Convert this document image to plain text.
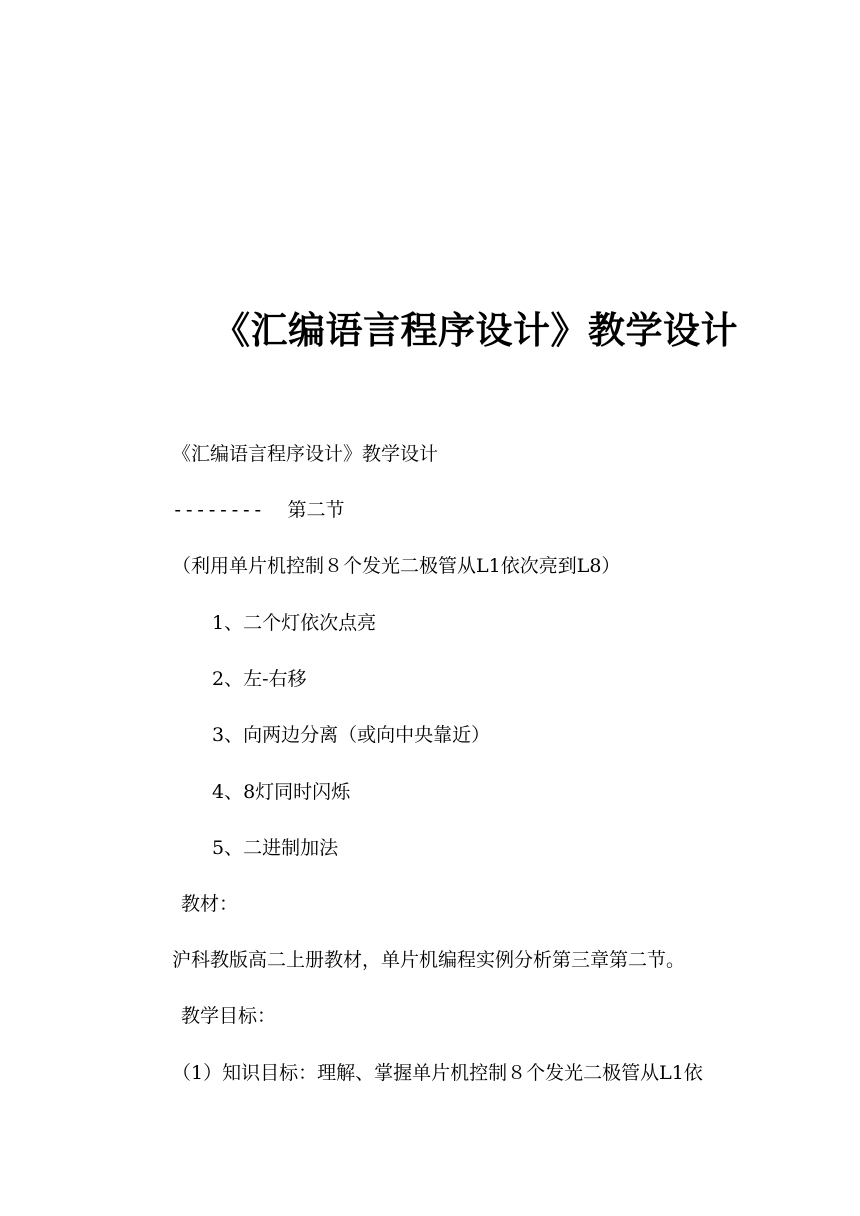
《汇编语言程序设计》教学设计
《汇编语言程序设计》教学设计
-------- 第二节
（利用单片机控制８个发光二极管从L1依次亮到L8）
1、二个灯依次点亮
2、左-右移
3、向两边分离（或向中央靠近）
4、8灯同时闪烁
5、二进制加法
教材：
沪科教版高二上册教材，单片机编程实例分析第三章第二节。
教学目标：
（1）知识目标：理解、掌握单片机控制８个发光二极管从L1依
